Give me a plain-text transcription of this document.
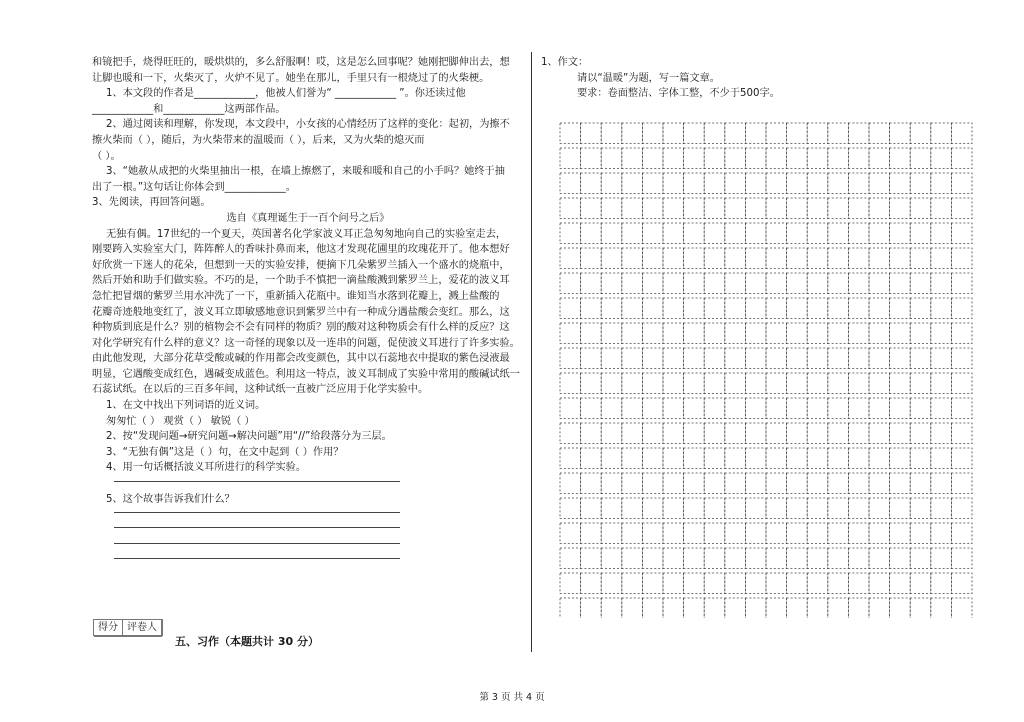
和镜把手，烧得旺旺的，暖烘烘的，多么舒服啊！哎，这是怎么回事呢？她刚把脚伸出去，想
让脚也暖和一下，火柴灭了，火炉不见了。她坐在那儿，手里只有一根烧过了的火柴梗。
1、本文段的作者是____________，他被人们誉为“ ____________ ”。你还读过他
____________和____________这两部作品。
2、通过阅读和理解，你发现，本文段中，小女孩的心情经历了这样的变化：起初，为擦不
擦火柴而（ ），随后，为火柴带来的温暖而（ ），后来，又为火柴的熄灭而
（ ）。
3、“她赦从成把的火柴里抽出一根，在墙上擦燃了，来暖和暖和自己的小手吗？她终于抽
出了一根。”这句话让你体会到____________。
3、先阅读，再回答问题。
选自《真理诞生于一百个问号之后》
无独有偶。17世纪的一个夏天，英国著名化学家波义耳正急匆匆地向自己的实验室走去，
刚要跨入实验室大门，阵阵醉人的香味扑鼻而来，他这才发现花圃里的玫瑰花开了。他本想好
好欣赏一下迷人的花朵，但想到一天的实验安排，便摘下几朵紫罗兰插入一个盛水的烧瓶中，
然后开始和助手们做实验。不巧的是，一个助手不慎把一滴盐酸溅到紫罗兰上，爱花的波义耳
急忙把冒烟的紫罗兰用水冲洗了一下，重新插入花瓶中。谁知当水落到花瓣上，溅上盐酸的
花瓣奇迹般地变红了，波义耳立即敏感地意识到紫罗兰中有一种成分遇盐酸会变红。那么，这
种物质到底是什么？别的植物会不会有同样的物质？别的酸对这种物质会有什么样的反应？这
对化学研究有什么样的意义？这一奇怪的现象以及一连串的问题，促使波义耳进行了许多实验。
由此他发现，大部分花草受酸或碱的作用都会改变颜色，其中以石蕊地衣中提取的紫色浸液最
明显，它遇酸变成红色，遇碱变成蓝色。利用这一特点，波义耳制成了实验中常用的酸碱试纸一
石蕊试纸。在以后的三百多年间，这种试纸一直被广泛应用于化学实验中。
1、在文中找出下列词语的近义词。
匆匆忙（ ） 观赏（ ） 敏锐（ ）
2、按“发现问题→研究问题→解决问题”用“//”给段落分为三层。
3、“无独有偶”这是（ ）句，在文中起到（ ）作用？
4、用一句话概括波义耳所进行的科学实验。
5、这个故事告诉我们什么？
得分 评卷人
五、习作（本题共计 30 分）
1、作文：
请以“温暖”为题，写一篇文章。
要求：卷面整洁、字体工整，不少于500字。
第 3 页 共 4 页
